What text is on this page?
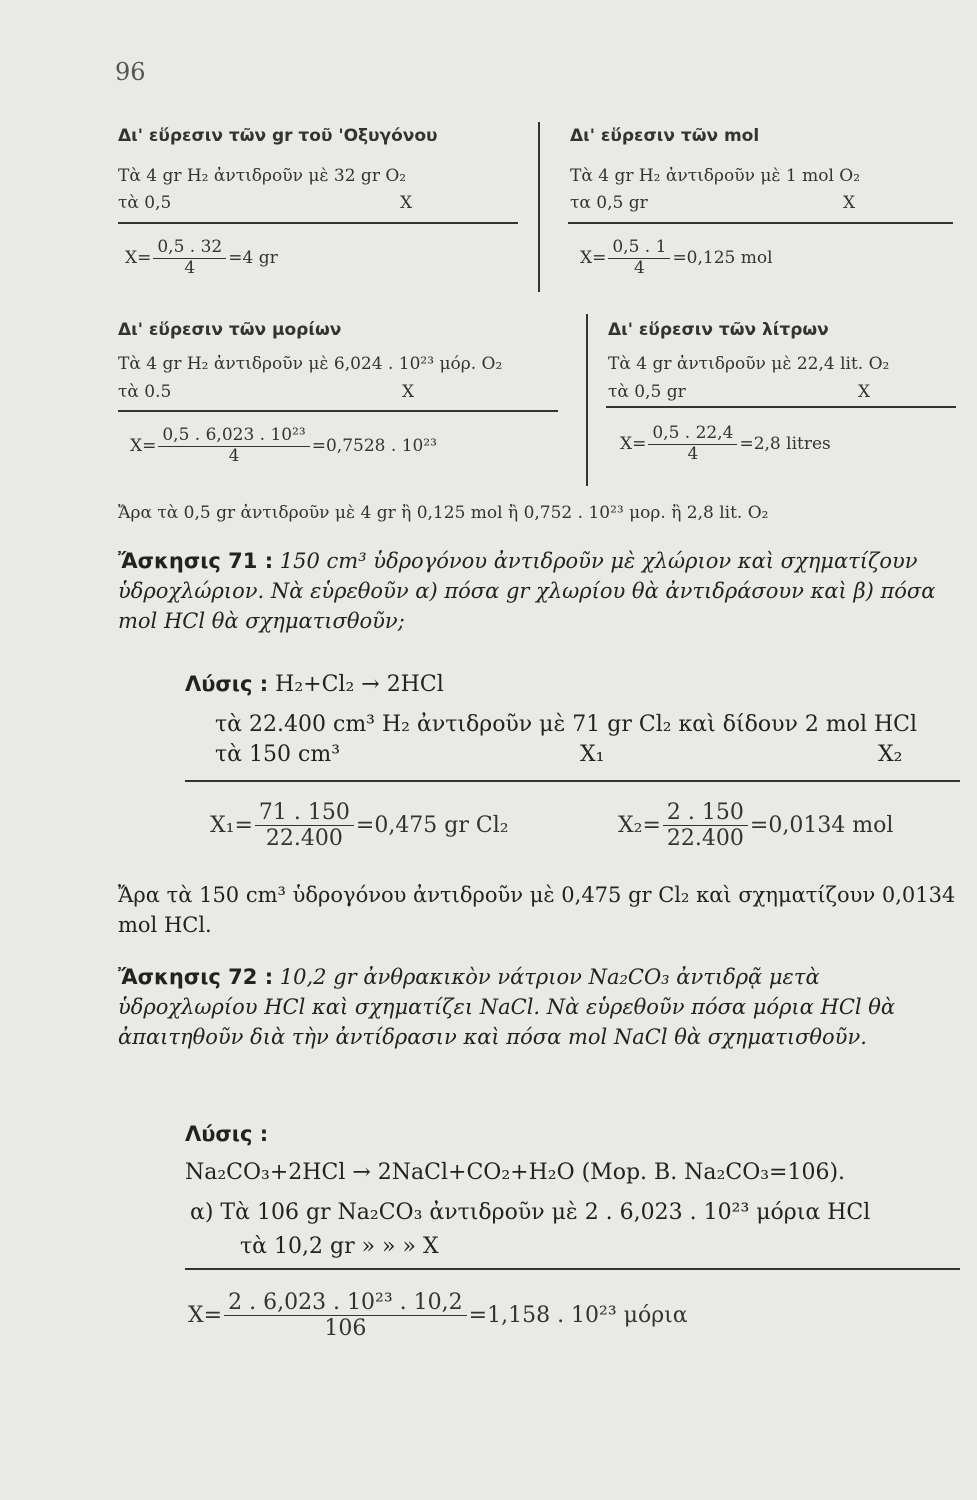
96
Δι' εὕρεσιν τῶν gr τοῦ 'Οξυγόνου
Τὰ 4 gr H₂ ἀντιδροῦν μὲ 32 gr O₂
τὰ 0,5	X
$X= \frac{0,5 . 32}{4} =4$ gr
Δι' εὕρεσιν τῶν mol
Τὰ 4 gr H₂ ἀντιδροῦν μὲ 1 mol O₂
τα 0,5 gr	X
$X= \frac{0,5 . 1}{4} =0,125$ mol
Δι' εὕρεσιν τῶν μορίων
Τὰ 4 gr H₂ ἀντιδροῦν μὲ 6,024 . 10²³ μόρ. O₂
τὰ 0.5	X
$X= \frac{\text{0,5 . 6,023 . 10²³}}{4} =0,7528$ . 10²³
Δι' εὕρεσιν τῶν λίτρων
Τὰ 4 gr ἀντιδροῦν μὲ 22,4 lit. O₂
τὰ 0,5 gr	X
$X= \frac{0,5 . 22,4}{4} =2,8$ litres
Ἄρα τὰ 0,5 gr ἀντιδροῦν μὲ 4 gr ἢ 0,125 mol ἢ 0,752 . 10²³ μορ. ἢ 2,8 lit. O₂
Ἄσκησις 71 : 150 cm³ ὑδρογόνου ἀντιδροῦν μὲ χλώριον καὶ σχηματίζουν ὑδροχλώριον. Νὰ εὑρεθοῦν α) πόσα gr χλωρίου θὰ ἀντιδράσουν καὶ β) πόσα mol HCl θὰ σχηματισθοῦν;
Λύσις : H₂+Cl₂ → 2HCl
τὰ 22.400 cm³ H₂ ἀντιδροῦν μὲ 71 gr Cl₂ καὶ δίδουν 2 mol HCl
τὰ 150 cm³	X₁	X₂
$X_1= \frac{71 . 150}{22.400} =0,475$ gr Cl₂	$X_2= \frac{2 . 150}{22.400} =0,0134$ mol
Ἄρα τὰ 150 cm³ ὑδρογόνου ἀντιδροῦν μὲ 0,475 gr Cl₂ καὶ σχηματίζουν 0,0134 mol HCl.
Ἄσκησις 72 : 10,2 gr ἀνθρακικὸν νάτριον Na₂CO₃ ἀντιδρᾷ μετὰ ὑδροχλωρίου HCl καὶ σχηματίζει NaCl. Νὰ εὑρεθοῦν πόσα μόρια HCl θὰ ἀπαιτηθοῦν διὰ τὴν ἀντίδρασιν καὶ πόσα mol NaCl θὰ σχηματισθοῦν.
Λύσις :
Na₂CO₃+2HCl → 2NaCl+CO₂+H₂O (Mop. B. Na₂CO₃=106).
α) Τὰ 106 gr Na₂CO₃ ἀντιδροῦν μὲ 2 . 6,023 . 10²³ μόρια HCl
τὰ 10,2 gr » » » X
$X= \frac{\text{2 . 6,023 . 10²³ . 10,2}}{106} =1,158$ . 10²³ μόρια
